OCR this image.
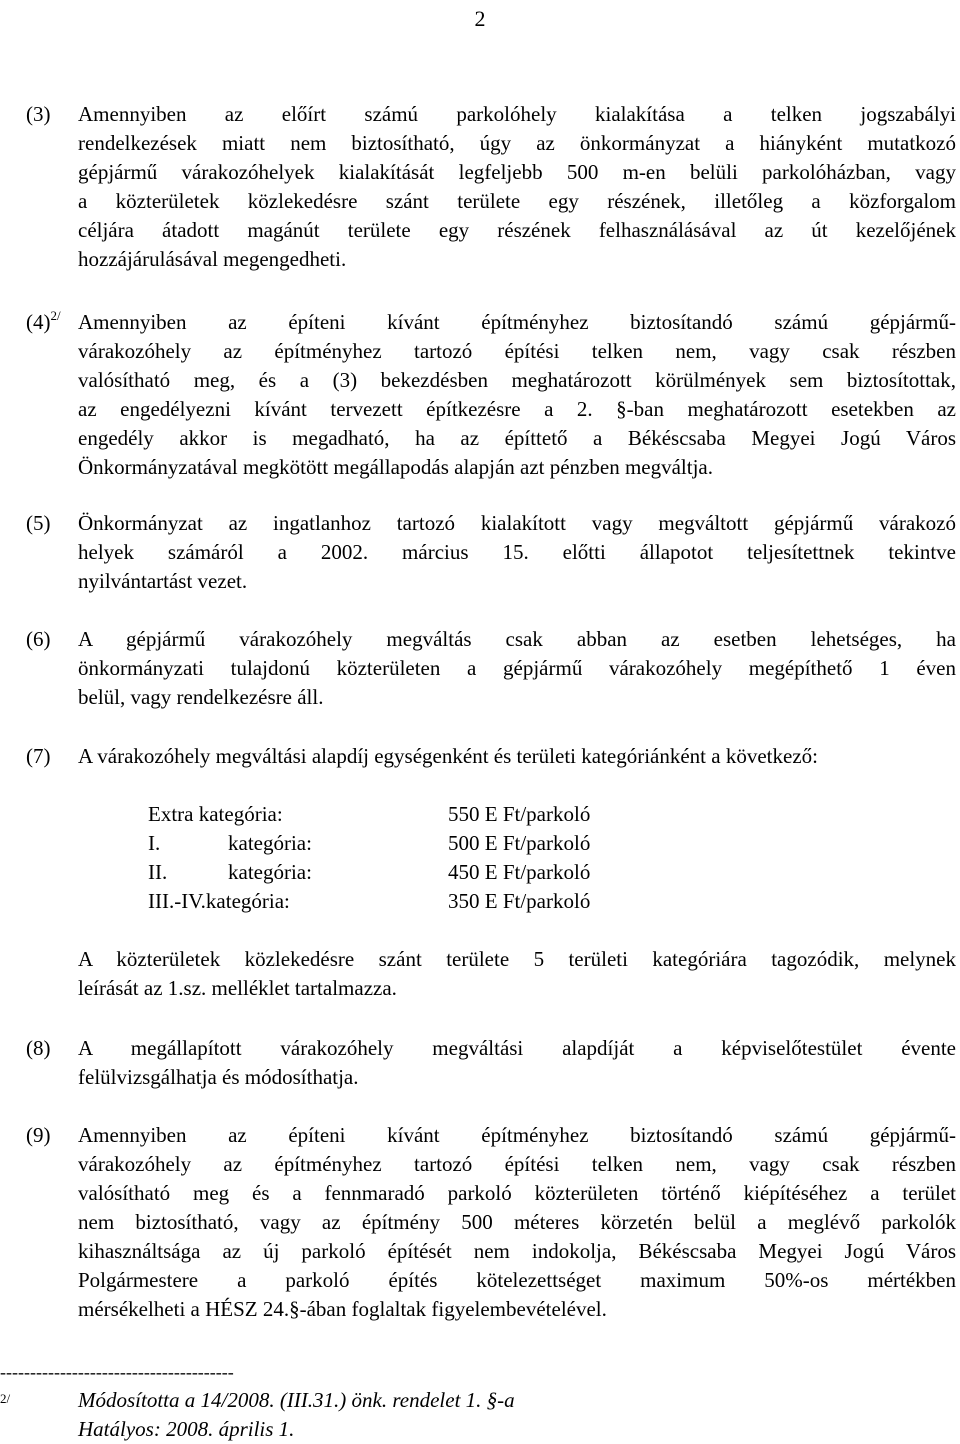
2
(3) Amennyiben az előírt számú parkolóhely kialakítása a telken jogszabályi
rendelkezések miatt nem biztosítható, úgy az önkormányzat a hiányként mutatkozó
gépjármű várakozóhelyek kialakítását legfeljebb 500 m-en belüli parkolóházban, vagy
a közterületek közlekedésre szánt területe egy részének, illetőleg a közforgalom
céljára átadott magánút területe egy részének felhasználásával az út kezelőjének
hozzájárulásával megengedheti.
$(4)^{2/}$ Amennyiben az építeni kívánt építményhez biztosítandó számú gépjármű-
várakozóhely az építményhez tartozó építési telken nem, vagy csak részben
valósítható meg, és a (3) bekezdésben meghatározott körülmények sem biztosítottak,
az engedélyezni kívánt tervezett építkezésre a 2. §-ban meghatározott esetekben az
engedély akkor is megadható, ha az építtető a Békéscsaba Megyei Jogú Város
Önkormányzatával megkötött megállapodás alapján azt pénzben megváltja.
(5) Önkormányzat az ingatlanhoz tartozó kialakított vagy megváltott gépjármű várakozó
helyek számáról a 2002. március 15. előtti állapotot teljesítettnek tekintve
nyilvántartást vezet.
(6) A gépjármű várakozóhely megváltás csak abban az esetben lehetséges, ha
önkormányzati tulajdonú közterületen a gépjármű várakozóhely megépíthető 1 éven
belül, vagy rendelkezésre áll.
(7) A várakozóhely megváltási alapdíj egységenként és területi kategóriánként a következő:
Extra kategória:	550 E Ft/parkoló
I. kategória:	500 E Ft/parkoló
II. kategória:	450 E Ft/parkoló
III.-IV.kategória:	350 E Ft/parkoló
A közterületek közlekedésre szánt területe 5 területi kategóriára tagozódik, melynek
leírását az 1.sz. melléklet tartalmazza.
(8) A megállapított várakozóhely megváltási alapdíját a képviselőtestület évente
felülvizsgálhatja és módosíthatja.
(9) Amennyiben az építeni kívánt építményhez biztosítandó számú gépjármű-
várakozóhely az építményhez tartozó építési telken nem, vagy csak részben
valósítható meg és a fennmaradó parkoló közterületen történő kiépítéséhez a terület
nem biztosítható, vagy az építmény 500 méteres körzetén belül a meglévő parkolók
kihasználtsága az új parkoló építését nem indokolja, Békéscsaba Megyei Jogú Város
Polgármestere a parkoló építés kötelezettséget maximum 50%-os mértékben
mérsékelheti a HÉSZ 24.§-ában foglaltak figyelembevételével.
---------------------------------------
2/	Módosította a 14/2008. (III.31.) önk. rendelet 1. §-a
Hatályos: 2008. április 1.
